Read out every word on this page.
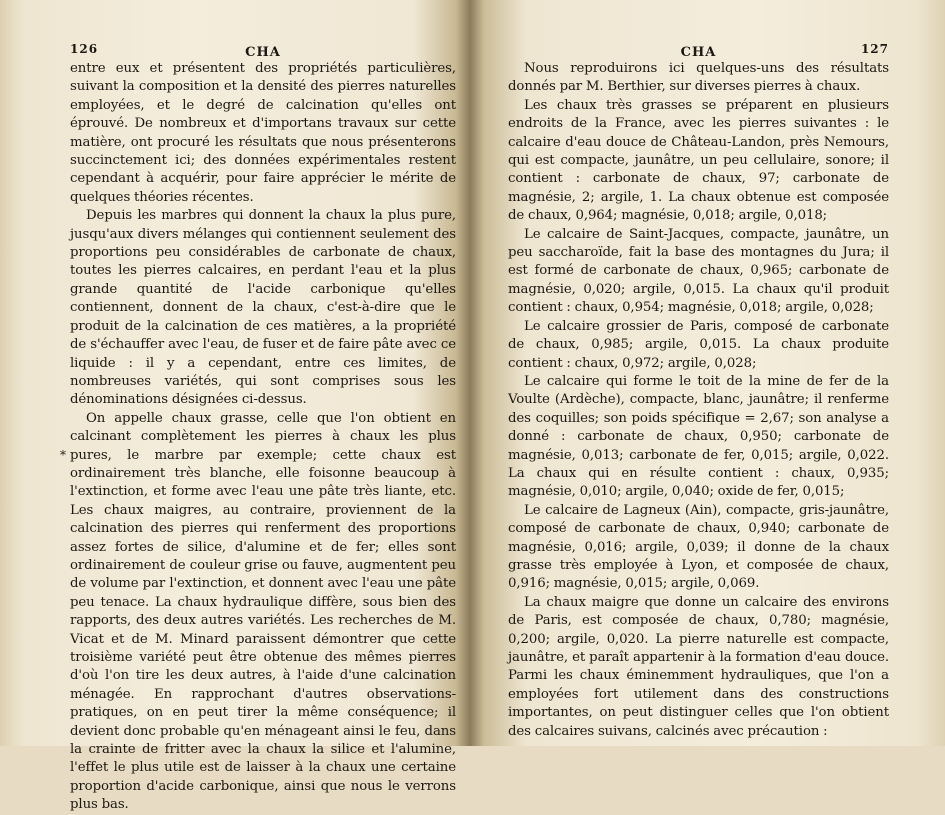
126	CHA

entre eux et présentent des propriétés particulières, suivant la composition et la densité des pierres naturelles employées, et le degré de calcination qu'elles ont éprouvé. De nombreux et d'importans travaux sur cette matière, ont procuré les résultats que nous présenterons succinctement ici; des données expérimentales restent cependant à acquérir, pour faire apprécier le mérite de quelques théories récentes.

Depuis les marbres qui donnent la chaux la plus pure, jusqu'aux divers mélanges qui contiennent seulement des proportions peu considérables de carbonate de chaux, toutes les pierres calcaires, en perdant l'eau et la plus grande quantité de l'acide carbonique qu'elles contiennent, donnent de la chaux, c'est-à-dire que le produit de la calcination de ces matières, a la propriété de s'échauffer avec l'eau, de fuser et de faire pâte avec ce liquide : il y a cependant, entre ces limites, de nombreuses variétés, qui sont comprises sous les dénominations désignées ci-dessus.

On appelle chaux grasse, celle que l'on obtient en calcinant complètement les pierres à chaux les plus pures, le marbre par exemple; cette chaux est ordinairement très blanche, elle foisonne beaucoup à l'extinction, et forme avec l'eau une pâte très liante, etc. Les chaux maigres, au contraire, proviennent de la calcination des pierres qui renferment des proportions assez fortes de silice, d'alumine et de fer; elles sont ordinairement de couleur grise ou fauve, augmentent peu de volume par l'extinction, et donnent avec l'eau une pâte peu tenace. La chaux hydraulique diffère, sous bien des rapports, des deux autres variétés. Les recherches de M. Vicat et de M. Minard paraissent démontrer que cette troisième variété peut être obtenue des mêmes pierres d'où l'on tire les deux autres, à l'aide d'une calcination ménagée. En rapprochant d'autres observations-pratiques, on en peut tirer la même conséquence; il devient donc probable qu'en ménageant ainsi le feu, dans la crainte de fritter avec la chaux la silice et l'alumine, l'effet le plus utile est de laisser à la chaux une certaine proportion d'acide carbonique, ainsi que nous le verrons plus bas.

*
CHA	127

Nous reproduirons ici quelques-uns des résultats donnés par M. Berthier, sur diverses pierres à chaux.

Les chaux très grasses se préparent en plusieurs endroits de la France, avec les pierres suivantes : le calcaire d'eau douce de Château-Landon, près Nemours, qui est compacte, jaunâtre, un peu cellulaire, sonore; il contient : carbonate de chaux, 97; carbonate de magnésie, 2; argile, 1. La chaux obtenue est composée de chaux, 0,964; magnésie, 0,018; argile, 0,018;

Le calcaire de Saint-Jacques, compacte, jaunâtre, un peu saccharoïde, fait la base des montagnes du Jura; il est formé de carbonate de chaux, 0,965; carbonate de magnésie, 0,020; argile, 0,015. La chaux qu'il produit contient : chaux, 0,954; magnésie, 0,018; argile, 0,028;

Le calcaire grossier de Paris, composé de carbonate de chaux, 0,985; argile, 0,015. La chaux produite contient : chaux, 0,972; argile, 0,028;

Le calcaire qui forme le toit de la mine de fer de la Voulte (Ardèche), compacte, blanc, jaunâtre; il renferme des coquilles; son poids spécifique = 2,67; son analyse a donné : carbonate de chaux, 0,950; carbonate de magnésie, 0,013; carbonate de fer, 0,015; argile, 0,022. La chaux qui en résulte contient : chaux, 0,935; magnésie, 0,010; argile, 0,040; oxide de fer, 0,015;

Le calcaire de Lagneux (Ain), compacte, gris-jaunâtre, composé de carbonate de chaux, 0,940; carbonate de magnésie, 0,016; argile, 0,039; il donne de la chaux grasse très employée à Lyon, et composée de chaux, 0,916; magnésie, 0,015; argile, 0,069.

La chaux maigre que donne un calcaire des environs de Paris, est composée de chaux, 0,780; magnésie, 0,200; argile, 0,020. La pierre naturelle est compacte, jaunâtre, et paraît appartenir à la formation d'eau douce. Parmi les chaux éminemment hydrauliques, que l'on a employées fort utilement dans des constructions importantes, on peut distinguer celles que l'on obtient des calcaires suivans, calcinés avec précaution :
